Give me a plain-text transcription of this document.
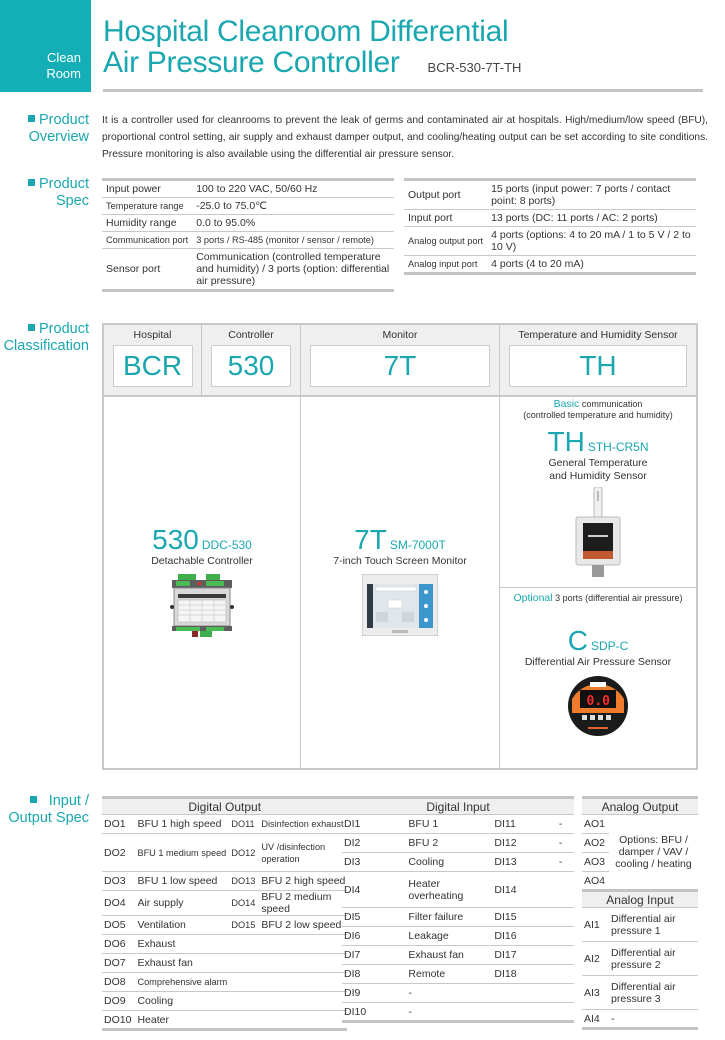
Clean
Room
Hospital Cleanroom Differential
Air Pressure Controller BCR-530-7T-TH
Product
Overview
It is a controller used for cleanrooms to prevent the leak of germs and contaminated air at hospitals. High/medium/low speed (BFU), proportional control setting, air supply and exhaust damper output, and cooling/heating output can be set according to site conditions. Pressure monitoring is also available using the differential air pressure sensor.
Product
Spec
Input power	100 to 220 VAC, 50/60 Hz
Temperature range	-25.0 to 75.0℃
Humidity range	0.0 to 95.0%
Communication port	3 ports / RS-485 (monitor / sensor / remote)
Sensor port	Communication (controlled temperature and humidity) / 3 ports (option: differential air pressure)
Output port	15 ports (input power: 7 ports / contact point: 8 ports)
Input port	13 ports (DC: 11 ports / AC: 2 ports)
Analog output port	4 ports (options: 4 to 20 mA / 1 to 5 V / 2 to 10 V)
Analog input port	4 ports (4 to 20 mA)
Product
Classification
Hospital
BCR
Controller
530
Monitor
7T
Temperature and Humidity Sensor
TH
530 DDC-530
Detachable Controller
7T SM-7000T
7-inch Touch Screen Monitor
Basic communication
(controlled temperature and humidity)
TH STH-CR5N
General Temperature
and Humidity Sensor
Optional 3 ports (differential air pressure)
CSDP-C
Differential Air Pressure Sensor
0.0
Input /
Output Spec
Digital Output			
DO1	BFU 1 high speed	DO11	Disinfection exhaust
DO2	BFU 1 medium speed	DO12	UV /disinfection operation
DO3	BFU 1 low speed	DO13	BFU 2 high speed
DO4	Air supply	DO14	BFU 2 medium speed
DO5	Ventilation	DO15	BFU 2 low speed
DO6	Exhaust		
DO7	Exhaust fan		
DO8	Comprehensive alarm		
DO9	Cooling		
DO10	Heater		
Digital Input			
DI1	BFU 1	DI11	-
DI2	BFU 2	DI12	-
DI3	Cooling	DI13	-
DI4	Heater overheating	DI14	
DI5	Filter failure	DI15	
DI6	Leakage	DI16	
DI7	Exhaust fan	DI17	
DI8	Remote	DI18	
DI9	-		
DI10	-		
Analog Output	
AO1	Options: BFU / damper / VAV / cooling / heating
AO2	
AO3	
AO4	
Analog Input	
AI1	Differential air pressure 1
AI2	Differential air pressure 2
AI3	Differential air pressure 3
AI4	-
